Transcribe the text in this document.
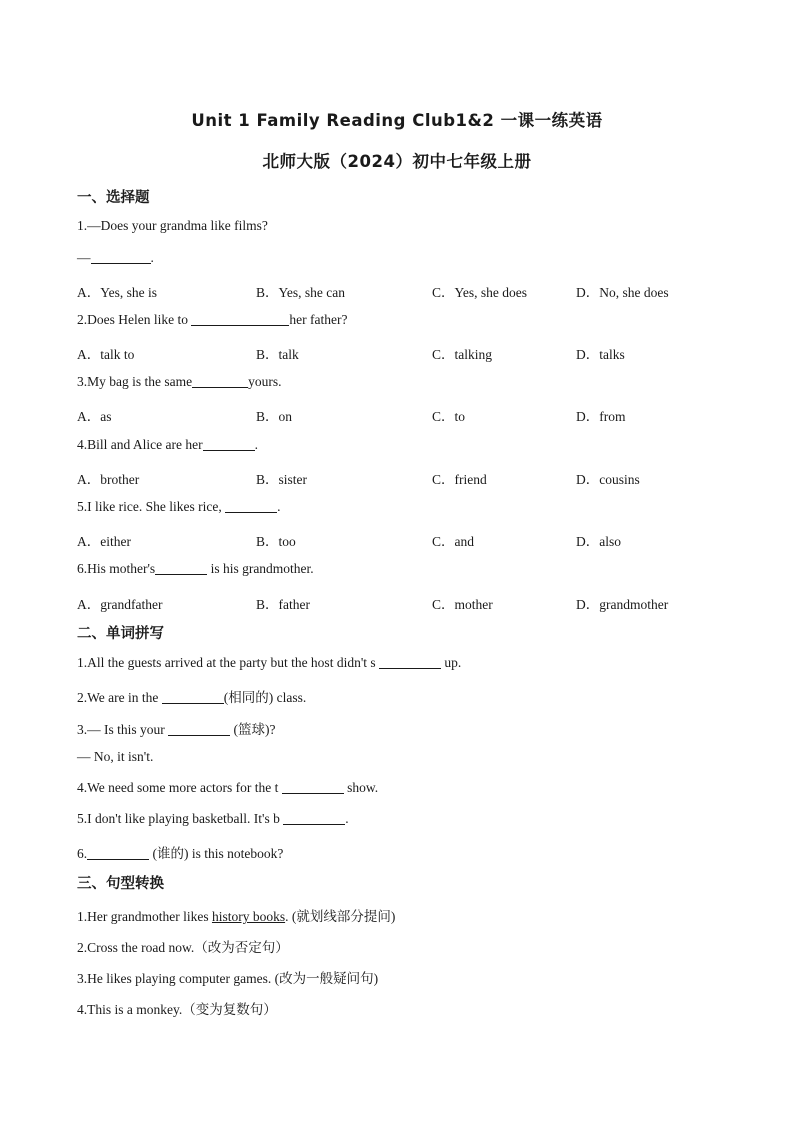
Unit 1 Family Reading Club1&2 一课一练英语
北师大版（2024）初中七年级上册
一、选择题
1.—Does your grandma like films?
—	.
A．Yes, she is	B．Yes, she can	C．Yes, she does	D．No, she does
2.Does Helen like to	her father?
A．talk to	B．talk	C．talking	D．talks
3.My bag is the same	yours.
A．as	B．on	C．to	D．from
4.Bill and Alice are her	.
A．brother	B．sister	C．friend	D．cousins
5.I like rice. She likes rice,	.
A．either	B．too	C．and	D．also
6.His mother's	is his grandmother.
A．grandfather	B．father	C．mother	D．grandmother
二、单词拼写
1.All the guests arrived at the party but the host didn't s	up.
2.We are in the	(相同的) class.
3.— Is this your	(篮球)?
— No, it isn't.
4.We need some more actors for the t	show.
5.I don't like playing basketball. It's b	.
6.	(谁的) is this notebook?
三、句型转换
1.Her grandmother likes history books. (就划线部分提问)
2.Cross the road now.（改为否定句）
3.He likes playing computer games. (改为一般疑问句)
4.This is a monkey.（变为复数句）
